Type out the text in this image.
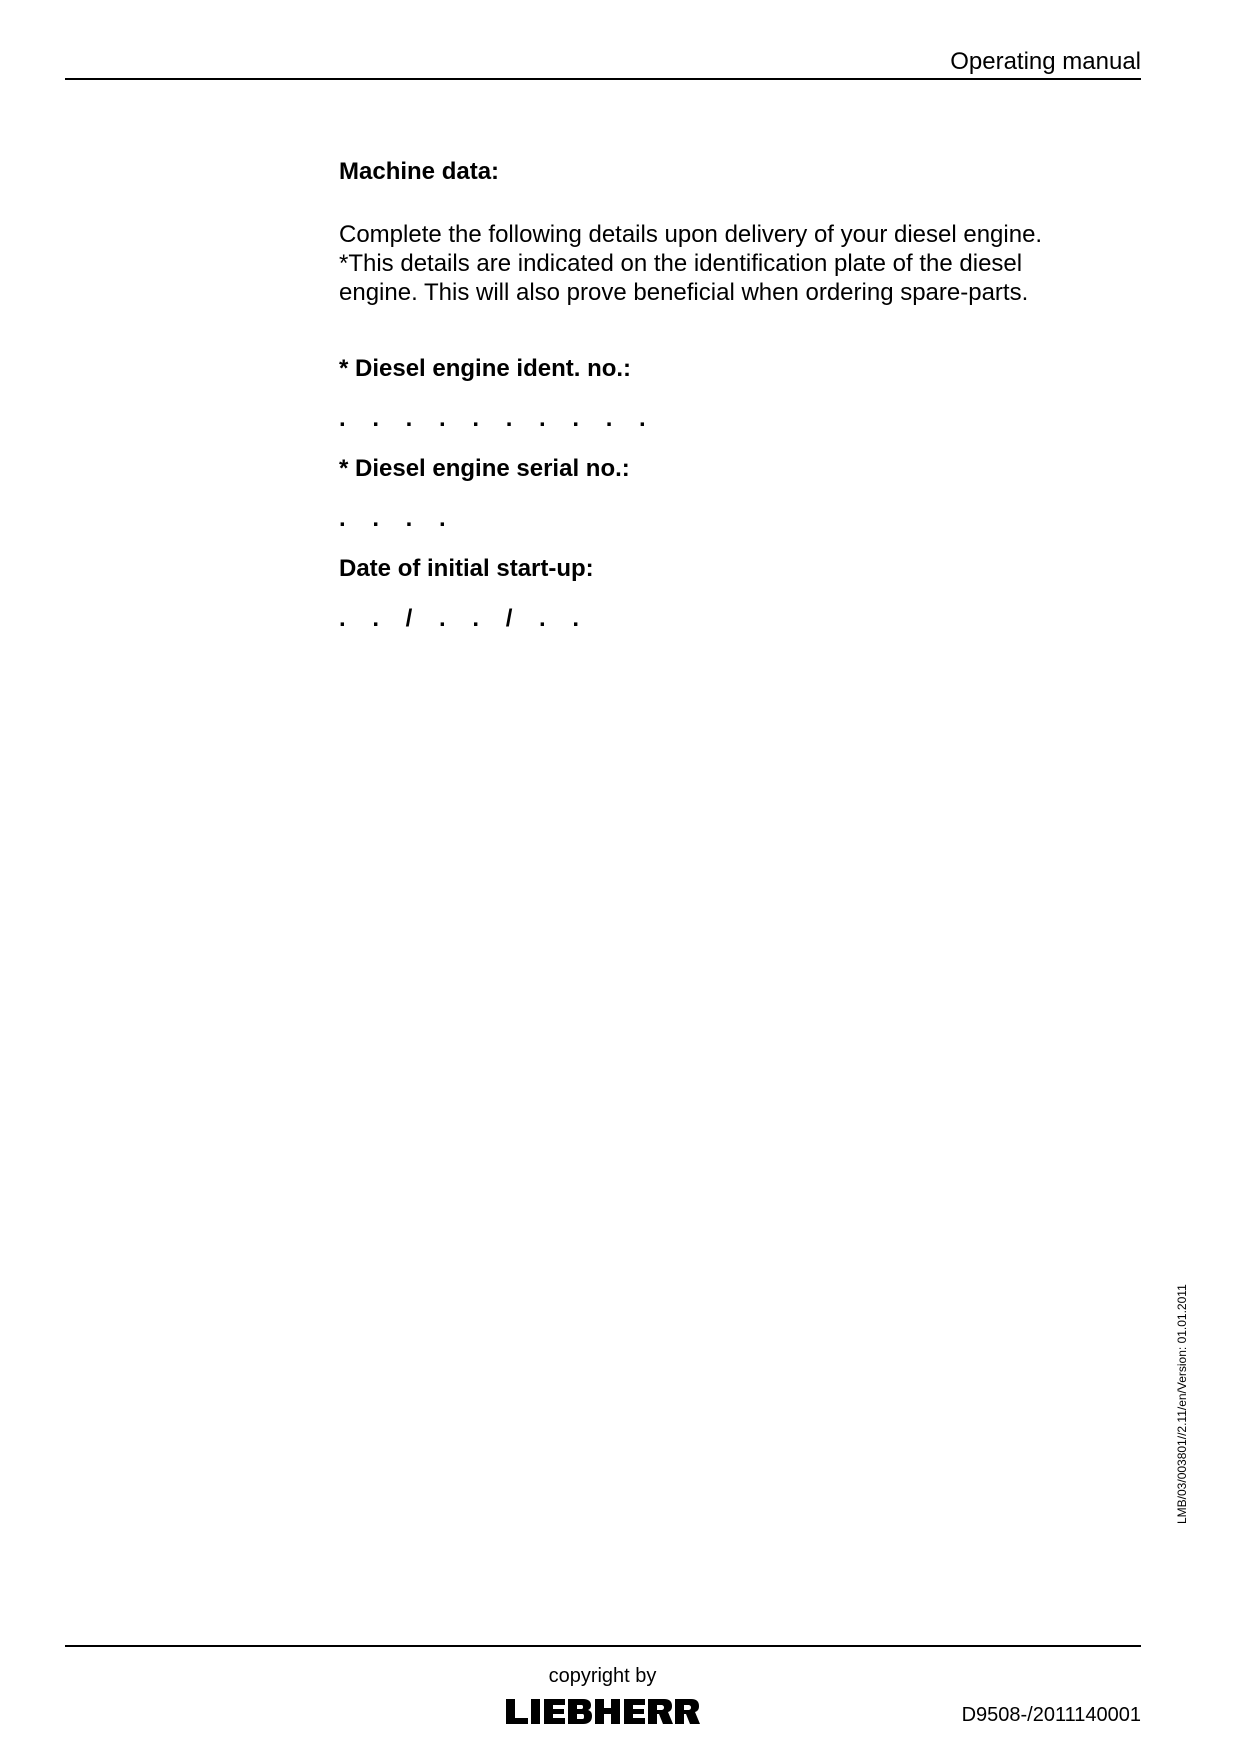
Operating manual

Machine data:

Complete the following details upon delivery of your diesel engine.
*This details are indicated on the identification plate of the diesel
engine. This will also prove beneficial when ordering spare-parts.

* Diesel engine ident. no.:

.    .    .    .    .    .    .    .    .    .

* Diesel engine serial no.:

.    .    .    .

Date of initial start-up:

.    .    /    .    .    /    .    .
LMB/03/003801//2.11/en/Version: 01.01.2011
copyright by
D9508-/2011140001
